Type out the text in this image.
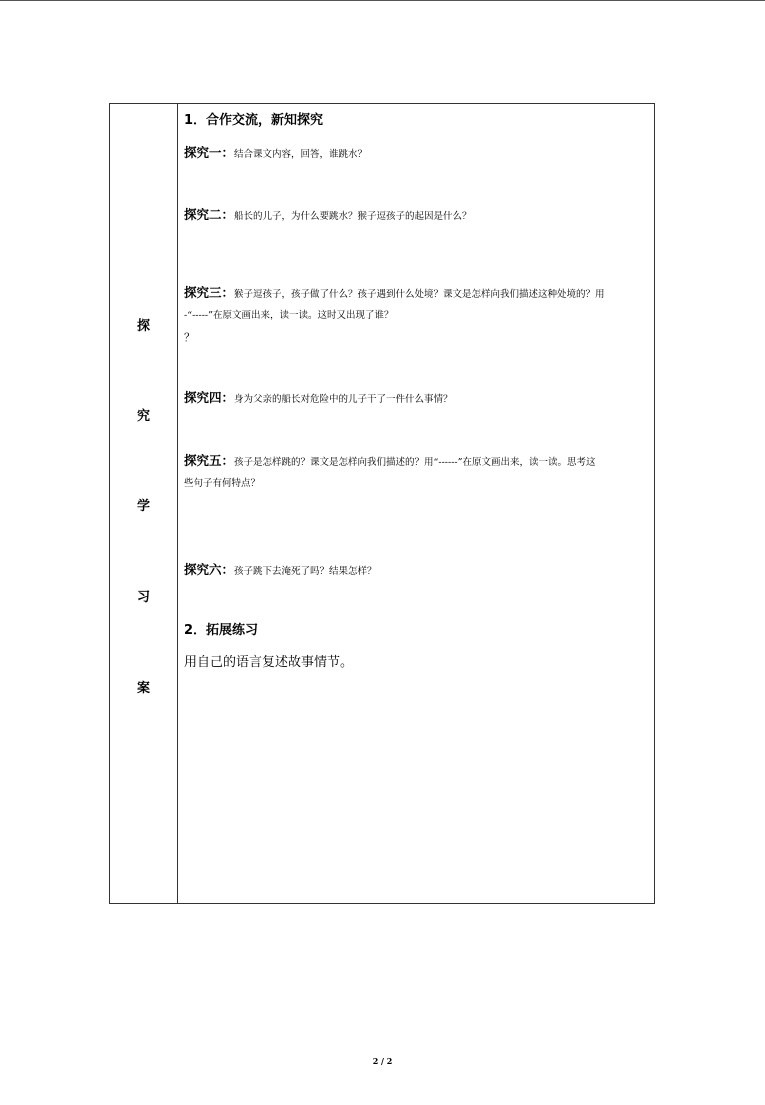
探
究
学
习
案
1．合作交流，新知探究
探究一：结合课文内容，回答，谁跳水？
探究二：船长的儿子，为什么要跳水？猴子逗孩子的起因是什么？
探究三：猴子逗孩子，孩子做了什么？孩子遇到什么处境？课文是怎样向我们描述这种处境的？用
-“-----”在原文画出来，读一读。这时又出现了谁？
？
探究四：身为父亲的船长对危险中的儿子干了一件什么事情？
探究五：孩子是怎样跳的？课文是怎样向我们描述的？用“------”在原文画出来，读一读。思考这
些句子有何特点？
探究六：孩子跳下去淹死了吗？结果怎样？
2．拓展练习
用自己的语言复述故事情节。
2 / 2
